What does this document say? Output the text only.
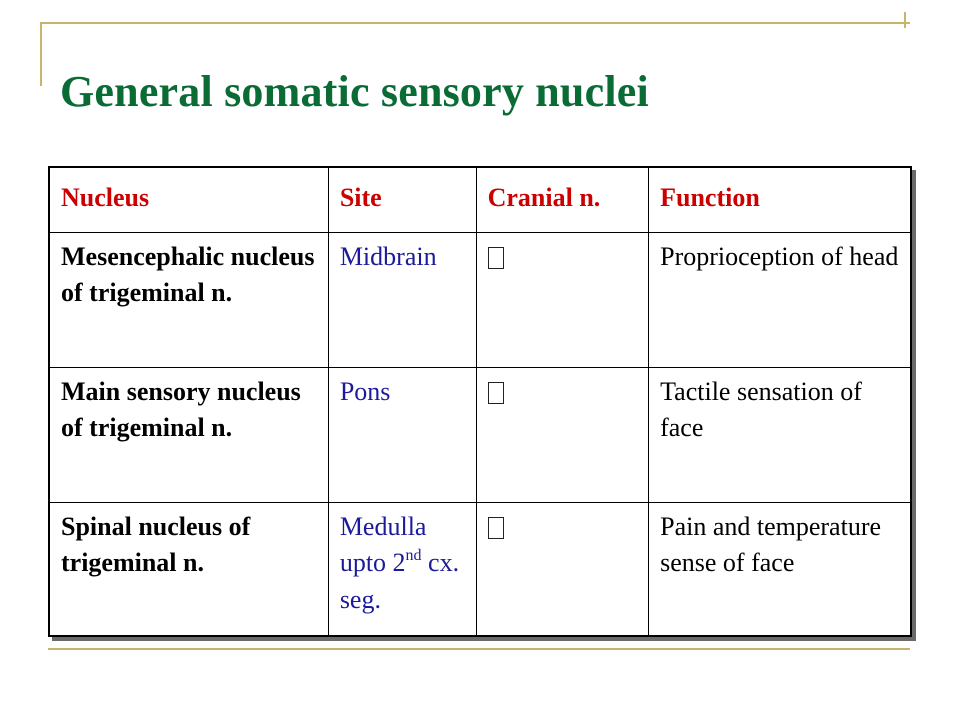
General somatic sensory nuclei
Nucleus	Site	Cranial n.	Function
Mesencephalic nucleus of trigeminal n.	Midbrain		Proprioception of head
Main sensory nucleus of trigeminal n.	Pons		Tactile sensation of face
Spinal nucleus of trigeminal n.	Medulla upto 2nd cx. seg.		Pain and temperature sense of face
